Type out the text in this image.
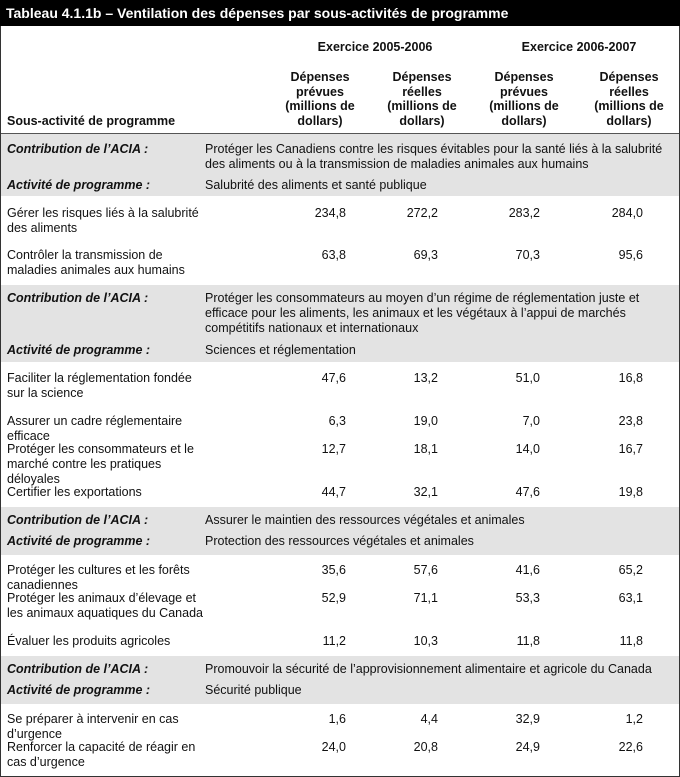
Tableau 4.1.1b – Ventilation des dépenses par sous-activités de programme
Exercice 2005-2006	Exercice 2006-2007
Dépenses prévues (millions de dollars)
Dépenses réelles (millions de dollars)
Dépenses prévues (millions de dollars)
Dépenses réelles (millions de dollars)
Sous-activité de programme
Contribution de l’ACIA :	Protéger les Canadiens contre les risques évitables pour la santé liés à la salubrité des aliments ou à la transmission de maladies animales aux humains
Activité de programme :	Salubrité des aliments et santé publique
Gérer les risques liés à la salubrité des aliments
234,8	272,2	283,2	284,0
Contrôler la transmission de maladies animales aux humains
63,8	69,3	70,3	95,6
Contribution de l’ACIA :	Protéger les consommateurs au moyen d’un régime de réglementation juste et efficace pour les aliments, les animaux et les végétaux à l’appui de marchés compétitifs nationaux et internationaux
Activité de programme :	Sciences et réglementation
Faciliter la réglementation fondée sur la science
47,6	13,2	51,0	16,8
Assurer un cadre réglementaire efficace
6,3	19,0	7,0	23,8
Protéger les consommateurs et le marché contre les pratiques déloyales
12,7	18,1	14,0	16,7
Certifier les exportations	44,7	32,1	47,6	19,8
Contribution de l’ACIA :	Assurer le maintien des ressources végétales et animales
Activité de programme :	Protection des ressources végétales et animales
Protéger les cultures et les forêts canadiennes
35,6	57,6	41,6	65,2
Protéger les animaux d’élevage et les animaux aquatiques du Canada
52,9	71,1	53,3	63,1
Évaluer les produits agricoles	11,2	10,3	11,8	11,8
Contribution de l’ACIA :	Promouvoir la sécurité de l’approvisionnement alimentaire et agricole du Canada
Activité de programme :	Sécurité publique
Se préparer à intervenir en cas d’urgence
1,6	4,4	32,9	1,2
Renforcer la capacité de réagir en cas d’urgence
24,0	20,8	24,9	22,6
